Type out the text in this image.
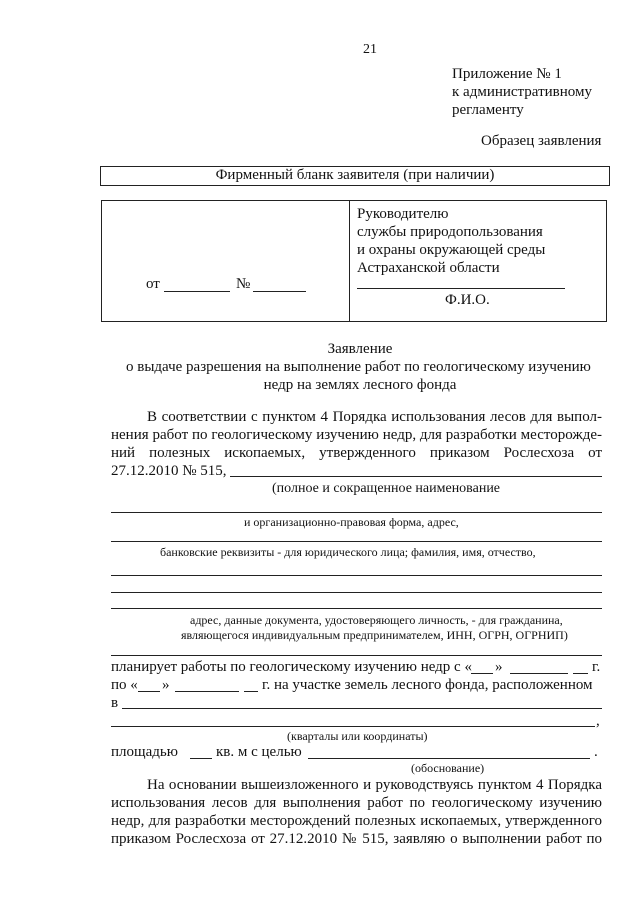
21
Приложение № 1
к административному
регламенту
Образец заявления
Фирменный бланк заявителя (при наличии)
от	№
Руководителю
службы природопользования
и охраны окружающей среды
Астраханской области
Ф.И.О.
Заявление
о выдаче разрешения на выполнение работ по геологическому изучению
недр на землях лесного фонда
В соответствии с пунктом 4 Порядка использования лесов для выпол-
нения работ по геологическому изучению недр, для разработки месторожде-
ний полезных ископаемых, утвержденного приказом Рослесхоза от
27.12.2010 № 515,
(полное и сокращенное наименование
и организационно-правовая форма, адрес,
банковские реквизиты - для юридического лица; фамилия, имя, отчество,
адрес, данные документа, удостоверяющего личность, - для гражданина,
являющегося индивидуальным предпринимателем, ИНН, ОГРН, ОГРНИП)
планирует работы по геологическому изучению недр с « »	г.
по « »	г. на участке земель лесного фонда, расположенном
в
,
(кварталы или координаты)
площадью	кв. м с целью	.
(обоснование)
На основании вышеизложенного и руководствуясь пунктом 4 Порядка
использования лесов для выполнения работ по геологическому изучению
недр, для разработки месторождений полезных ископаемых, утвержденного
приказом Рослесхоза от 27.12.2010 № 515, заявляю о выполнении работ по
